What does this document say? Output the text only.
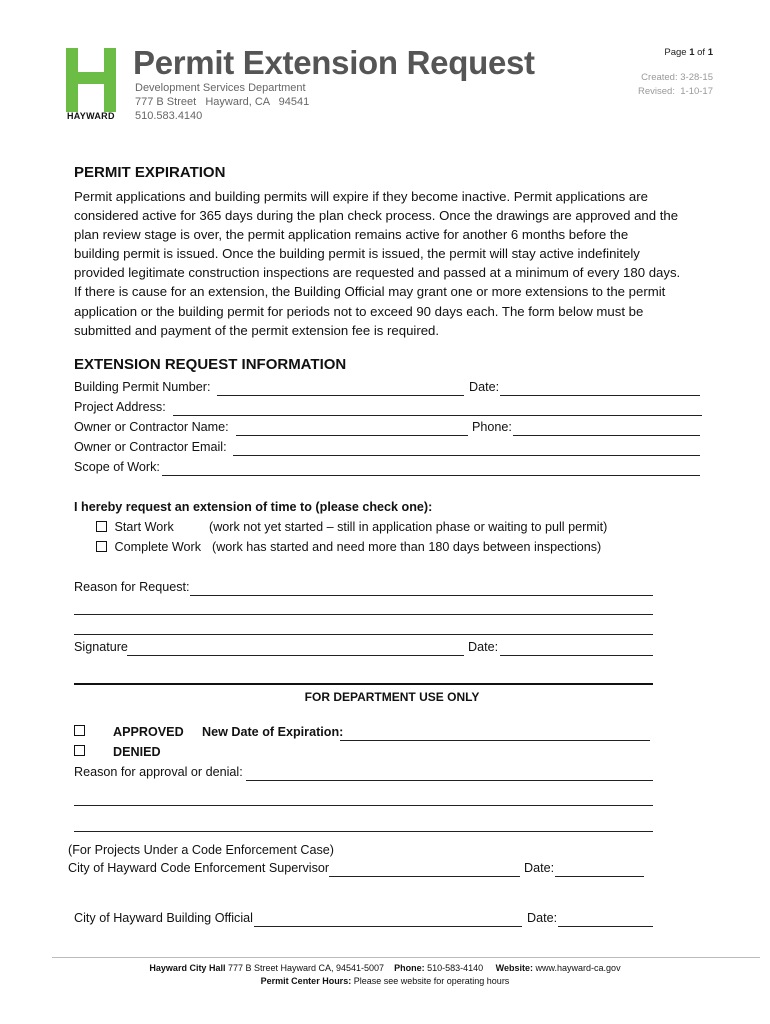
HAYWARD
Permit Extension Request
Development Services Department
777 B Street   Hayward, CA   94541
510.583.4140
Page 1 of 1
Created: 3-28-15
Revised:  1-10-17
PERMIT EXPIRATION
Permit applications and building permits will expire if they become inactive. Permit applications are
considered active for 365 days during the plan check process. Once the drawings are approved and the
plan review stage is over, the permit application remains active for another 6 months before the
building permit is issued. Once the building permit is issued, the permit will stay active indefinitely
provided legitimate construction inspections are requested and passed at a minimum of every 180 days.
If there is cause for an extension, the Building Official may grant one or more extensions to the permit
application or the building permit for periods not to exceed 90 days each. The form below must be
submitted and payment of the permit extension fee is required.
EXTENSION REQUEST INFORMATION
Building Permit Number:	Date:
Project Address:
Owner or Contractor Name:	Phone:
Owner or Contractor Email:
Scope of Work:
I hereby request an extension of time to (please check one):
Start Work	(work not yet started – still in application phase or waiting to pull permit)
Complete Work (work has started and need more than 180 days between inspections)
Reason for Request:
Signature	Date:
FOR DEPARTMENT USE ONLY
APPROVED New Date of Expiration:
DENIED
Reason for approval or denial:
(For Projects Under a Code Enforcement Case)
City of Hayward Code Enforcement Supervisor	Date:
City of Hayward Building Official	Date:
Hayward City Hall 777 B Street Hayward CA, 94541-5007 Phone: 510-583-4140 Website: www.hayward-ca.gov
Permit Center Hours: Please see website for operating hours
